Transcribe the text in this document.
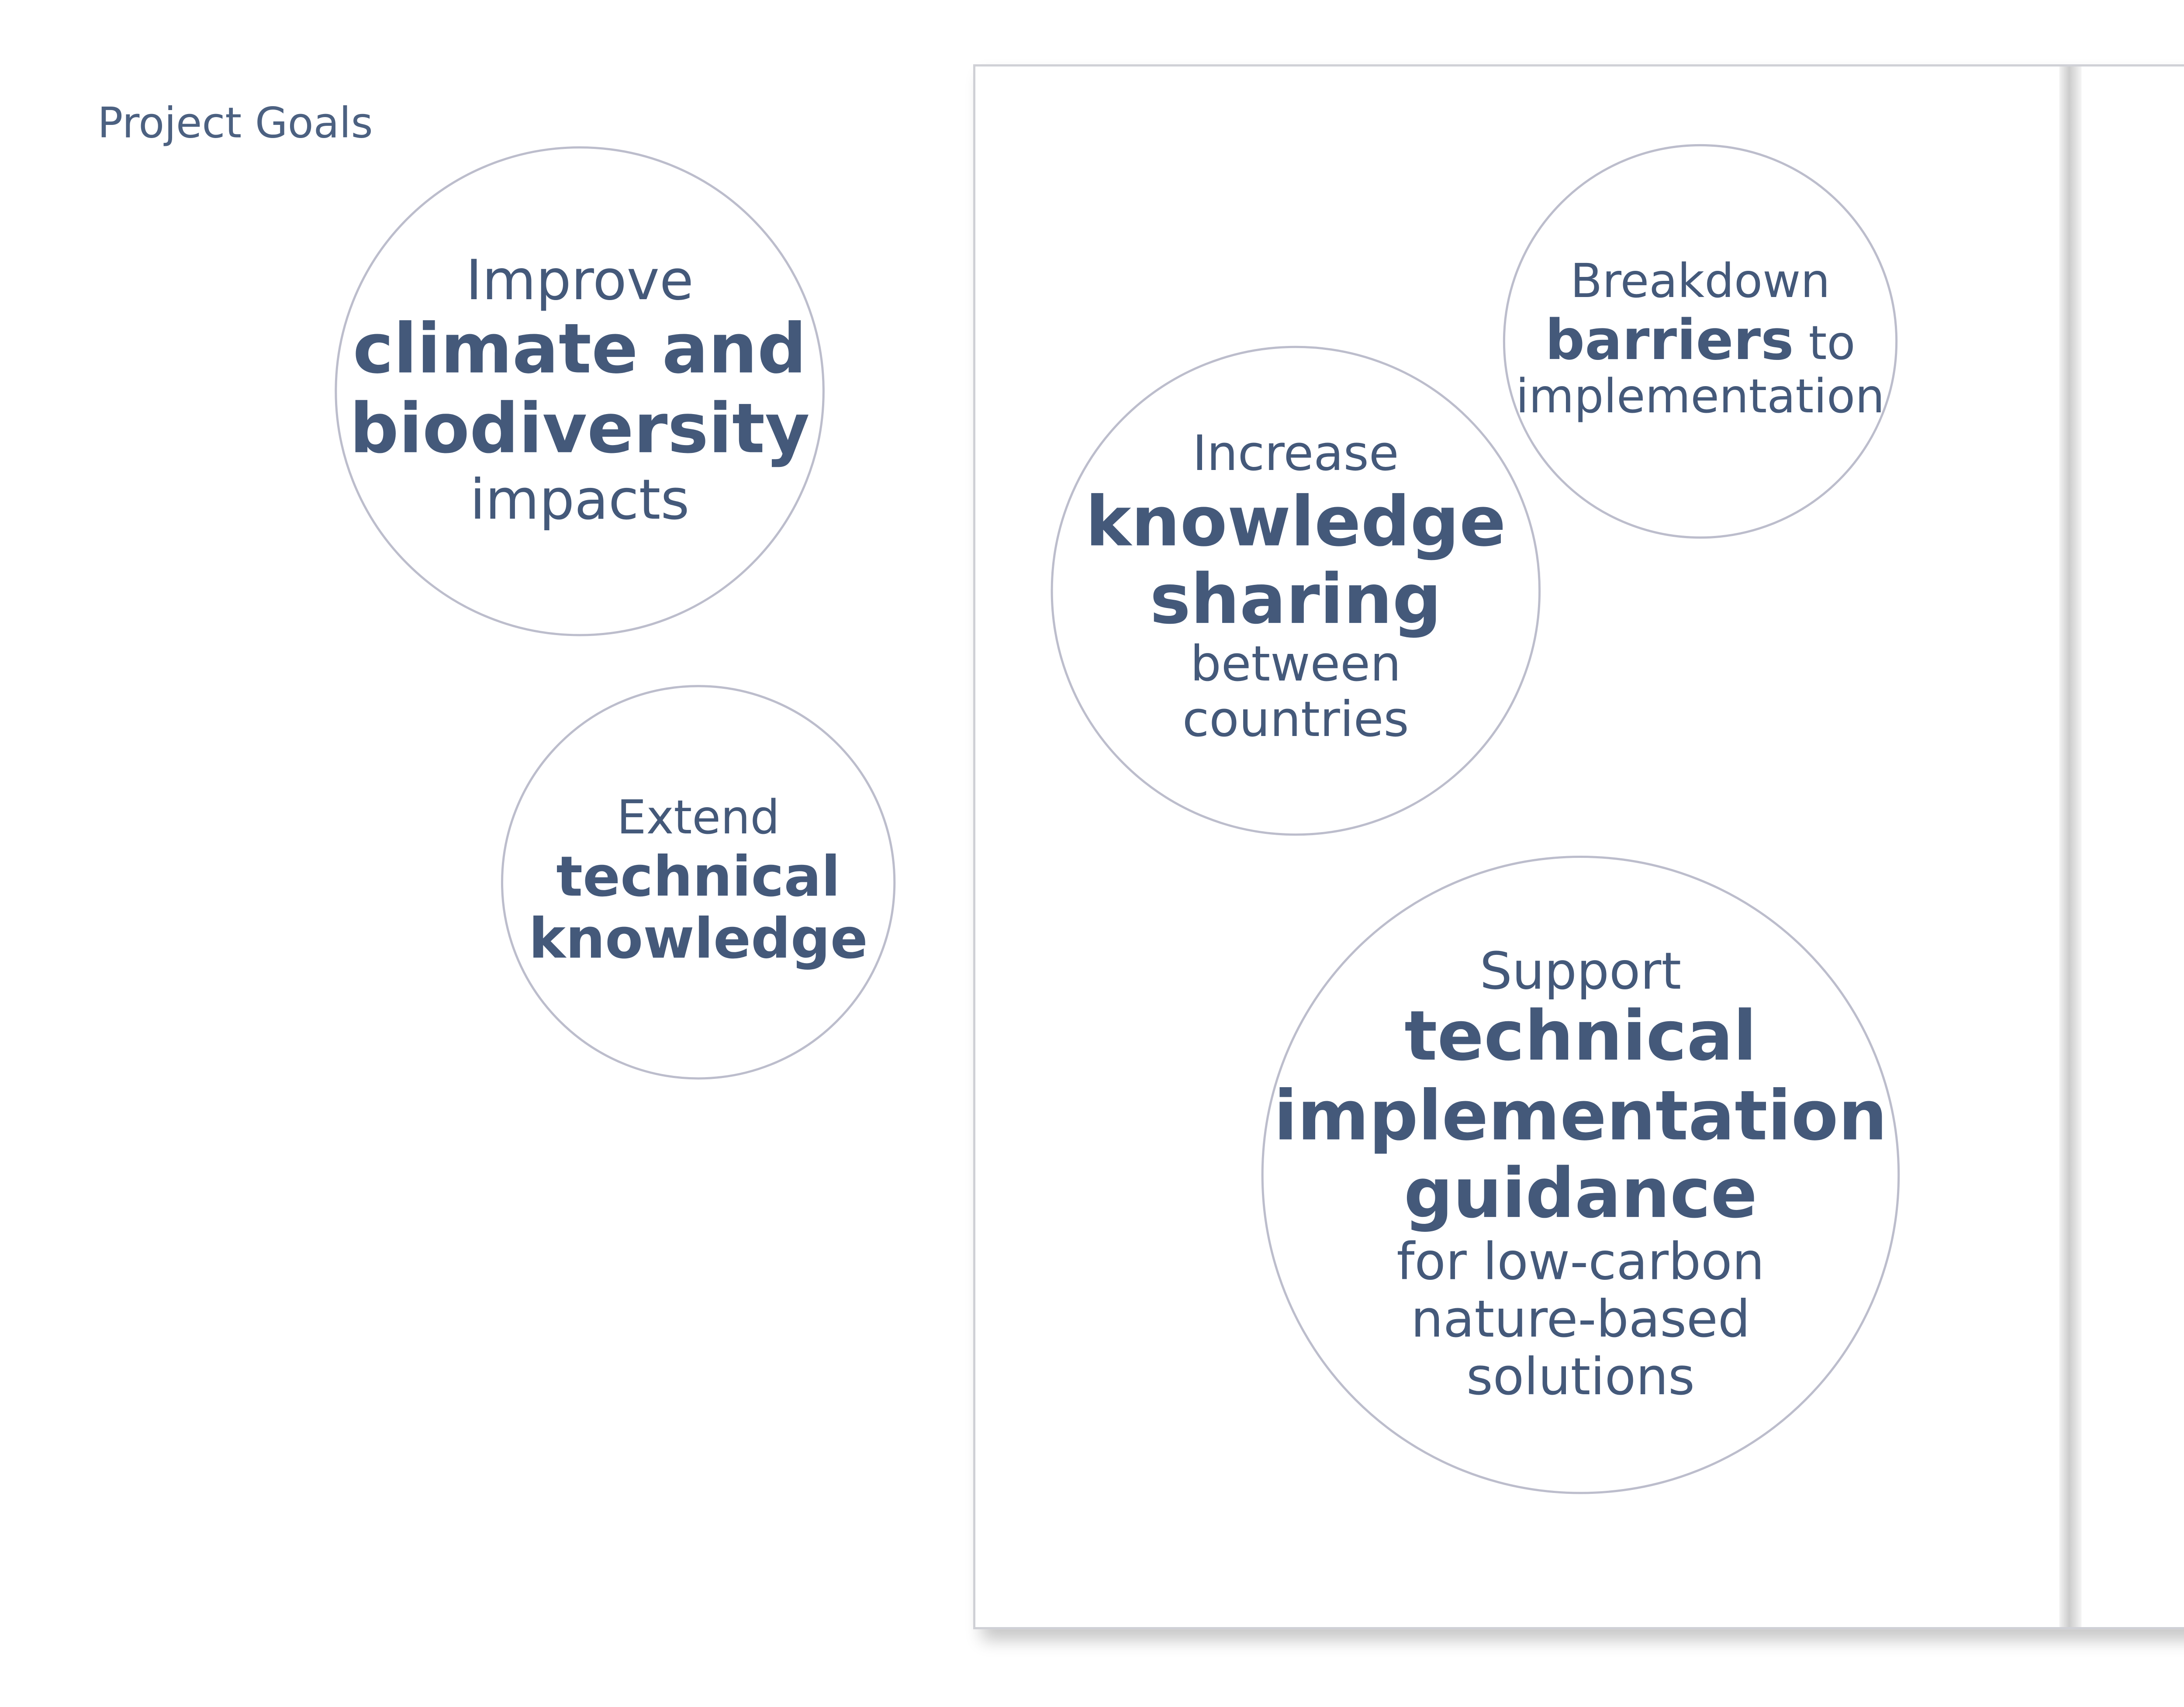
Project Goals
Improve
climate and
biodiversity
impacts
Extend
technical
knowledge
Breakdown
barriers to
implementation
Increase
knowledge
sharing
between
countries
Support
technical
implementation
guidance
for low-carbon
nature-based
solutions
